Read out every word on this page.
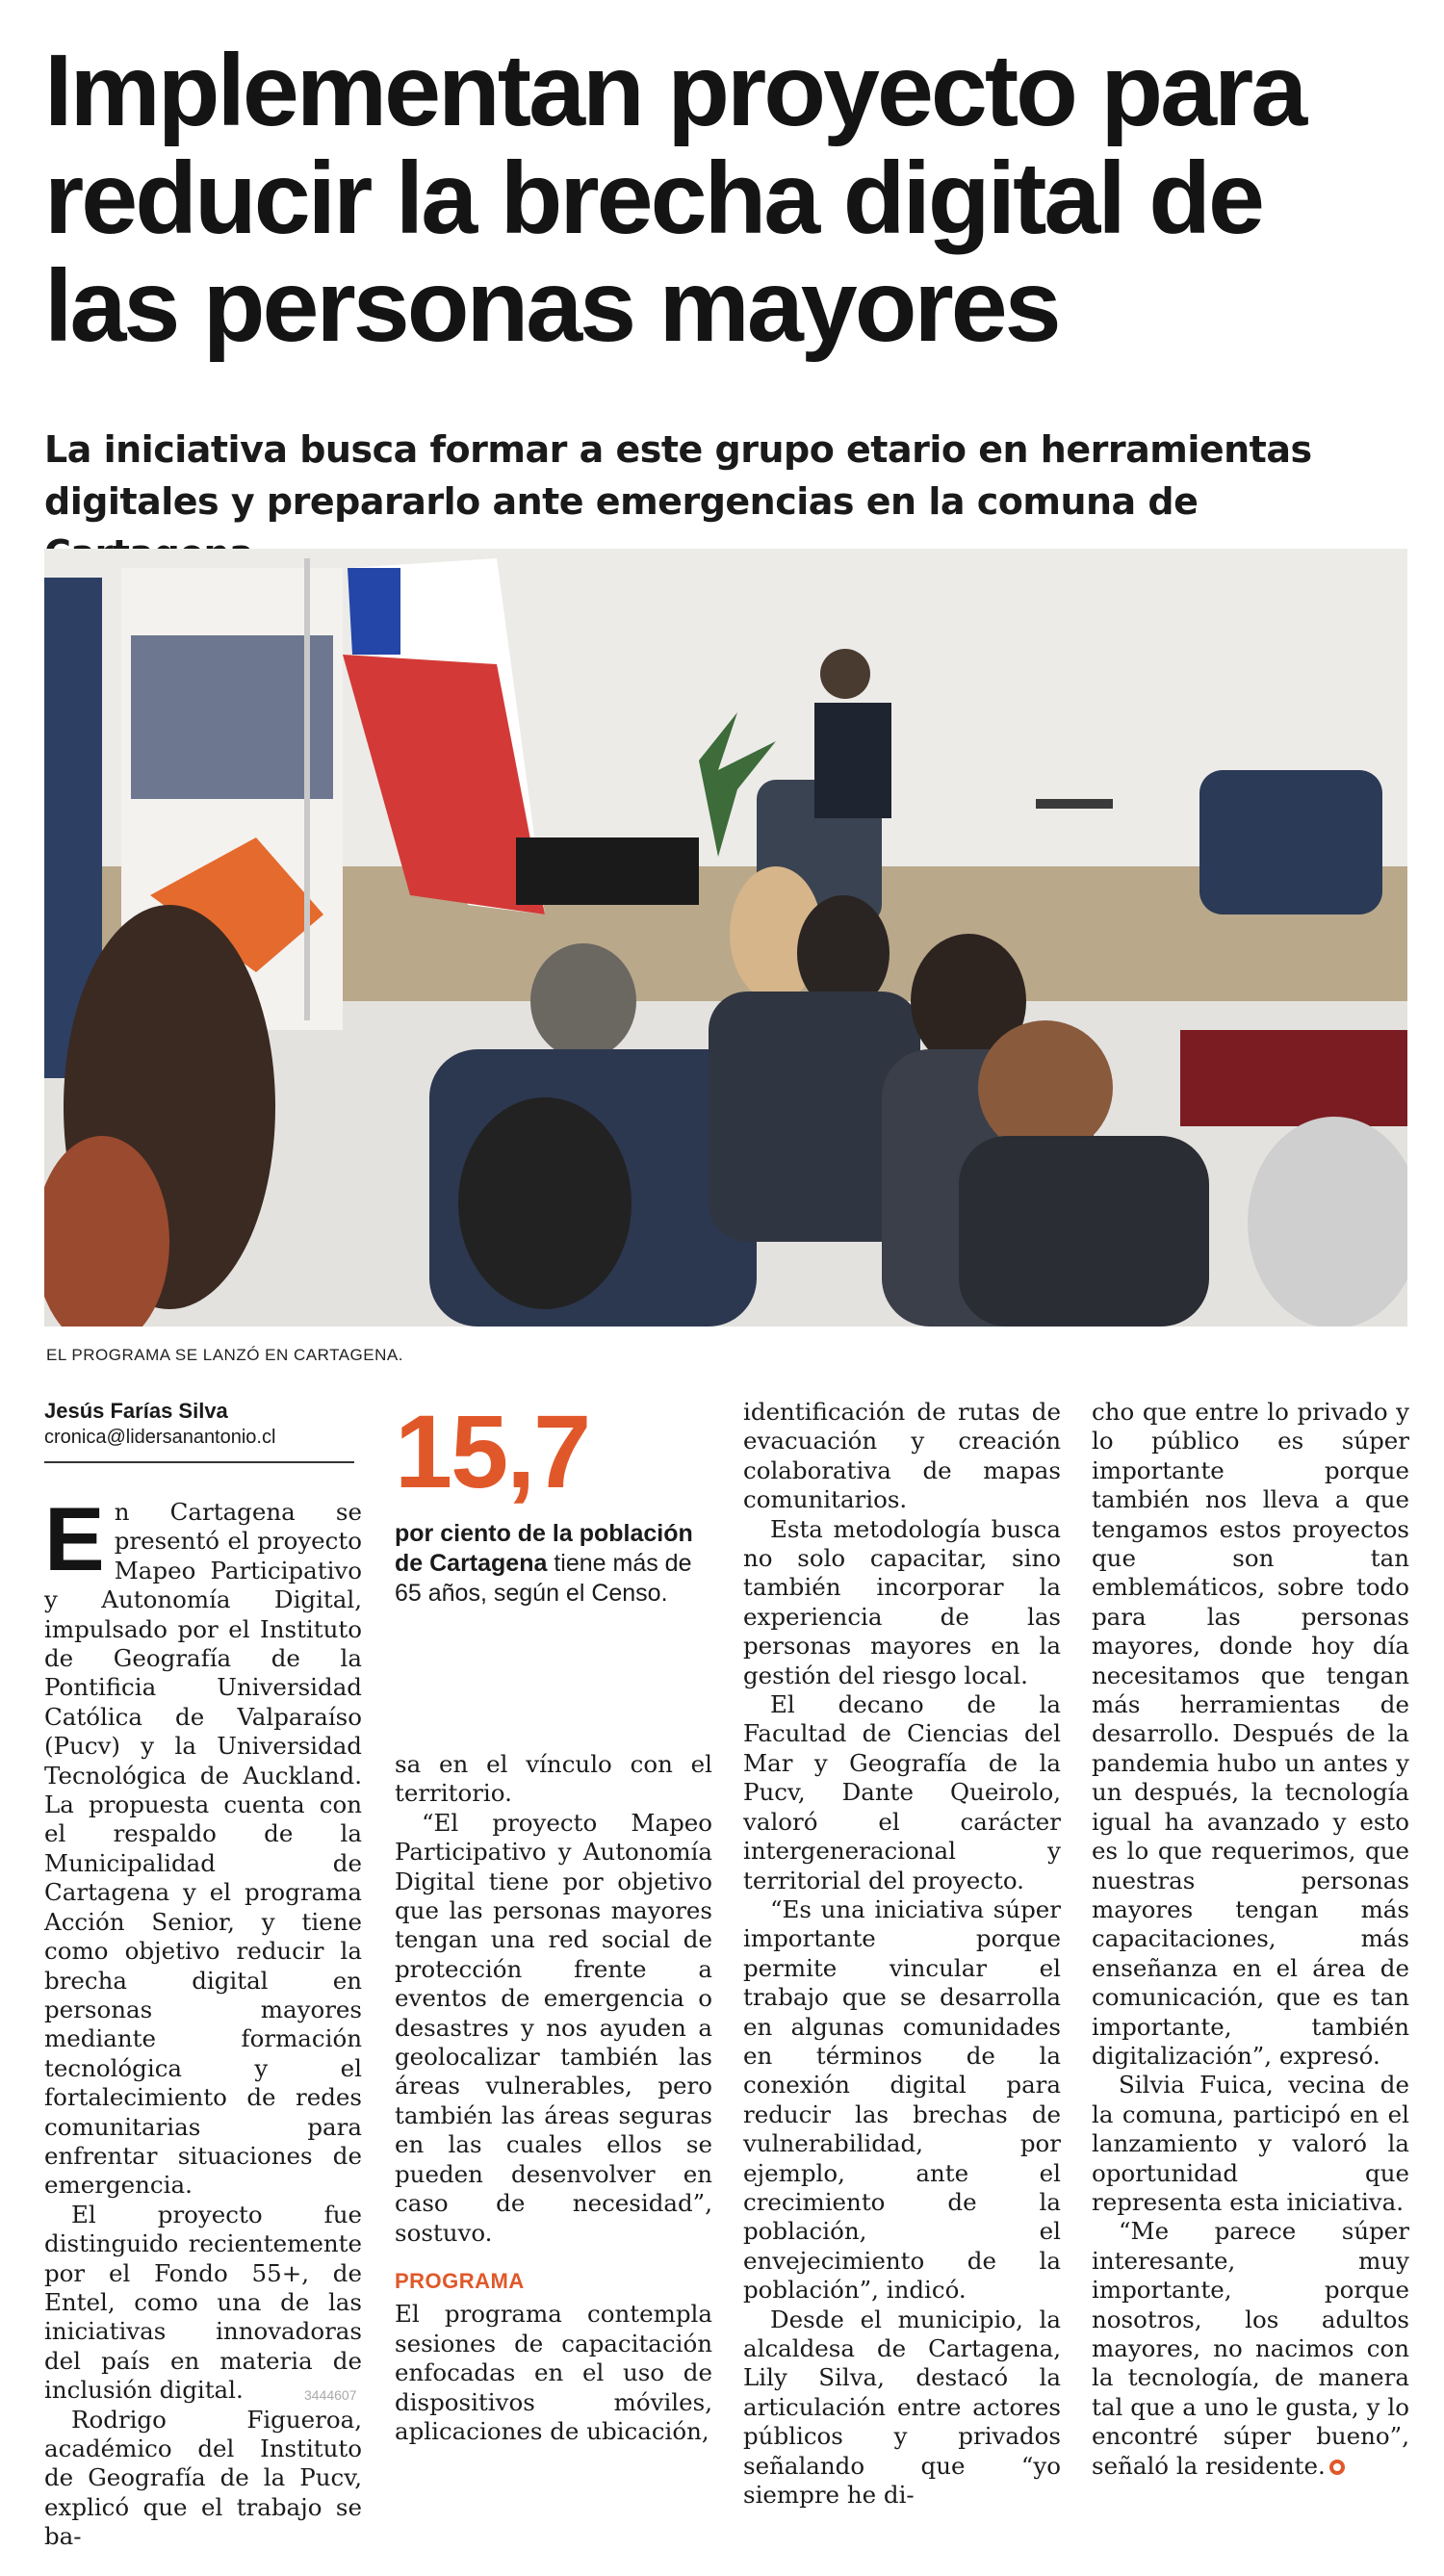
Implementan proyecto para
reducir la brecha digital de
las personas mayores

La iniciativa busca formar a este grupo etario en herramientas digitales y prepararlo ante emergencias en la comuna de

EL PROGRAMA SE LANZÓ EN CARTAGENA.

Jesús Farías Silva
cronica@lidersanantonio.cl	15,7
por ciento de la población de Cartagena tiene más de 65 años, según el Censo.

En Cartagena se presentó el proyecto Mapeo Participativo y Autonomía Digital, impulsado por el Instituto de Geografía de la Pontificia Universidad Católica de Valparaíso (Pucv) y la Universidad Tecnológica de Auckland. La propuesta cuenta con el respaldo de la Municipalidad de Cartagena y el programa Acción Senior, y tiene como objetivo reducir la brecha digital en personas mayores mediante formación tecnológica y el fortalecimiento de redes comunitarias para enfrentar situaciones de emergencia.

El proyecto fue distinguido recientemente por el Fondo 55+, de Entel, como una de las iniciativas innovadoras del país en materia de inclusión digital.

Rodrigo Figueroa, académico del Instituto de Geografía de la Pucv, explicó que el trabajo se ba-

sa en el vínculo con el territorio.

“El proyecto Mapeo Participativo y Autonomía Digital tiene por objetivo que las personas mayores tengan una red social de protección frente a eventos de emergencia o desastres y nos ayuden a geolocalizar también las áreas vulnerables, pero también las áreas seguras en las cuales ellos se pueden desenvolver en caso de necesidad”, sostuvo.

PROGRAMA

El programa contempla sesiones de capacitación enfocadas en el uso de dispositivos móviles, aplicaciones de ubicación,

identificación de rutas de evacuación y creación colaborativa de mapas comunitarios.

Esta metodología busca no solo capacitar, sino también incorporar la experiencia de las personas mayores en la gestión del riesgo local.

El decano de la Facultad de Ciencias del Mar y Geografía de la Pucv, Dante Queirolo, valoró el carácter intergeneracional y territorial del proyecto.

“Es una iniciativa súper importante porque permite vincular el trabajo que se desarrolla en algunas comunidades en términos de la conexión digital para reducir las brechas de vulnerabilidad, por ejemplo, ante el crecimiento de la población, el envejecimiento de la población”, indicó.

Desde el municipio, la alcaldesa de Cartagena, Lily Silva, destacó la articulación entre actores públicos y privados señalando que “yo siempre he di-

cho que entre lo privado y lo público es súper importante porque también nos lleva a que tengamos estos proyectos que son tan emblemáticos, sobre todo para las personas mayores, donde hoy día necesitamos que tengan más herramientas de desarrollo. Después de la pandemia hubo un antes y un después, la tecnología igual ha avanzado y esto es lo que requerimos, que nuestras personas mayores tengan más capacitaciones, más enseñanza en el área de comunicación, que es tan importante, también digitalización”, expresó.

Silvia Fuica, vecina de la comuna, participó en el lanzamiento y valoró la oportunidad que representa esta iniciativa.

“Me parece súper interesante, muy importante, porque nosotros, los adultos mayores, no nacimos con la tecnología, de manera tal que a uno le gusta, y lo encontré súper bueno”, señaló la residente.

3444607
